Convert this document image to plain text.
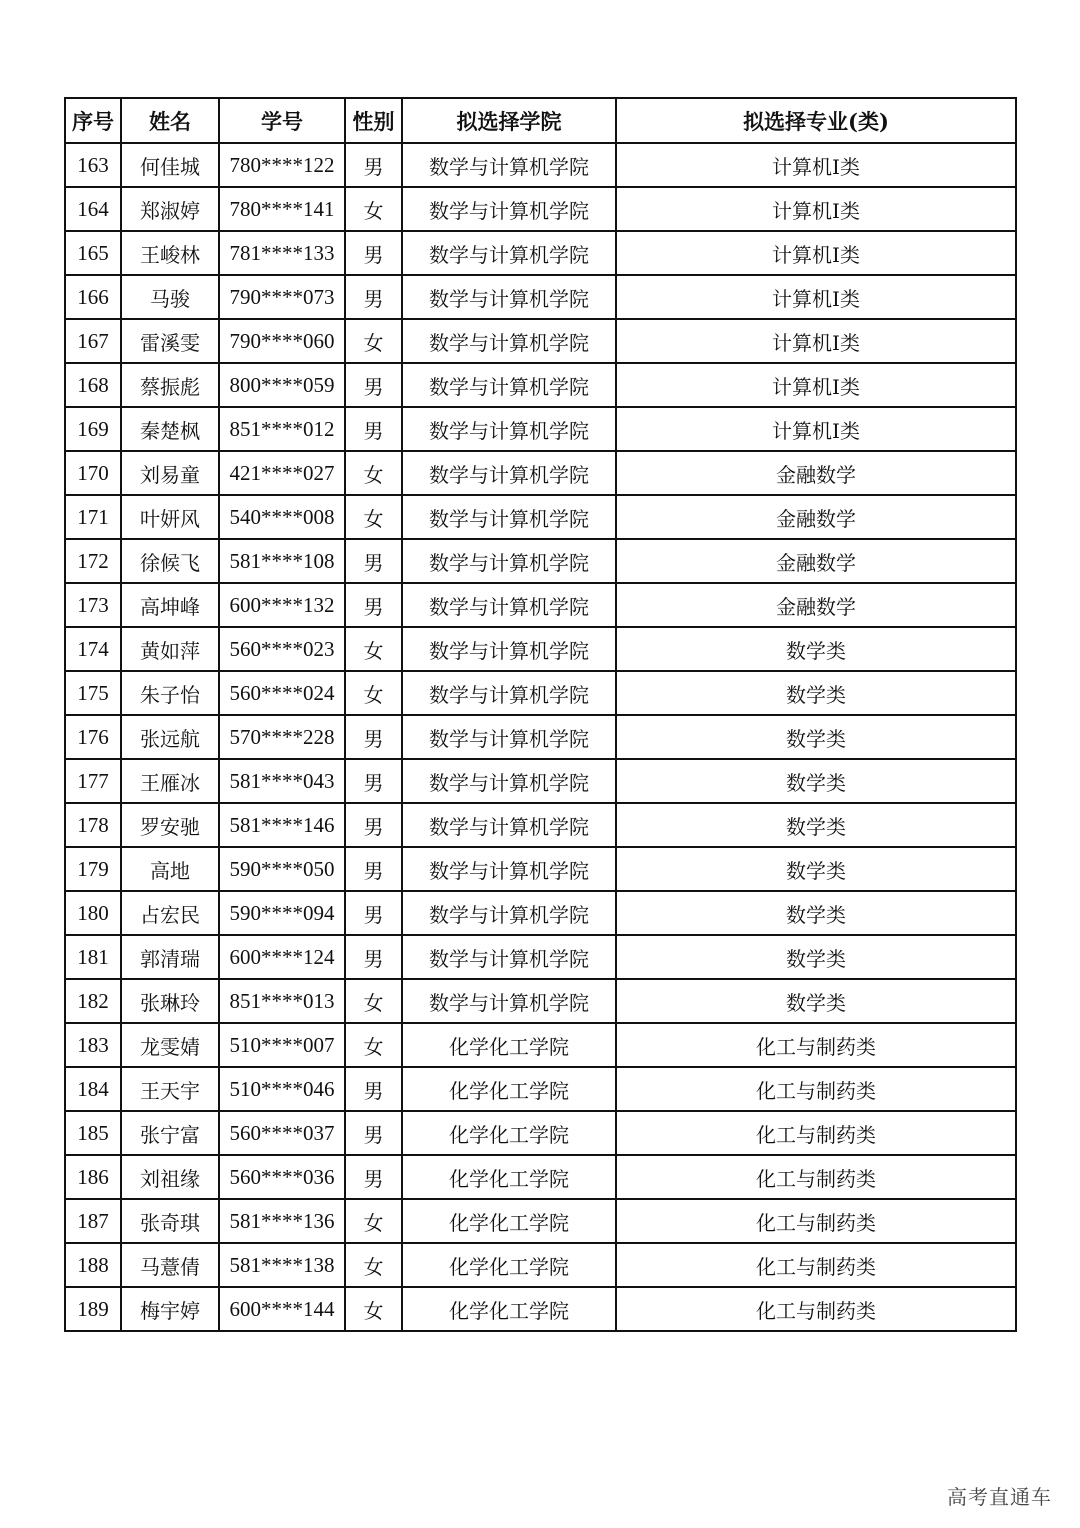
序号	姓名	学号	性别	拟选择学院	拟选择专业(类)
163	何佳城	780****122	男	数学与计算机学院	计算机Ⅰ类
164	郑淑婷	780****141	女	数学与计算机学院	计算机Ⅰ类
165	王峻林	781****133	男	数学与计算机学院	计算机Ⅰ类
166	马骏	790****073	男	数学与计算机学院	计算机Ⅰ类
167	雷溪雯	790****060	女	数学与计算机学院	计算机Ⅰ类
168	蔡振彪	800****059	男	数学与计算机学院	计算机Ⅰ类
169	秦楚枫	851****012	男	数学与计算机学院	计算机Ⅰ类
170	刘易童	421****027	女	数学与计算机学院	金融数学
171	叶妍风	540****008	女	数学与计算机学院	金融数学
172	徐候飞	581****108	男	数学与计算机学院	金融数学
173	高坤峰	600****132	男	数学与计算机学院	金融数学
174	黄如萍	560****023	女	数学与计算机学院	数学类
175	朱子怡	560****024	女	数学与计算机学院	数学类
176	张远航	570****228	男	数学与计算机学院	数学类
177	王雁冰	581****043	男	数学与计算机学院	数学类
178	罗安驰	581****146	男	数学与计算机学院	数学类
179	高地	590****050	男	数学与计算机学院	数学类
180	占宏民	590****094	男	数学与计算机学院	数学类
181	郭清瑞	600****124	男	数学与计算机学院	数学类
182	张琳玲	851****013	女	数学与计算机学院	数学类
183	龙雯婧	510****007	女	化学化工学院	化工与制药类
184	王天宇	510****046	男	化学化工学院	化工与制药类
185	张宁富	560****037	男	化学化工学院	化工与制药类
186	刘祖缘	560****036	男	化学化工学院	化工与制药类
187	张奇琪	581****136	女	化学化工学院	化工与制药类
188	马薏倩	581****138	女	化学化工学院	化工与制药类
189	梅宇婷	600****144	女	化学化工学院	化工与制药类
高考直通车
